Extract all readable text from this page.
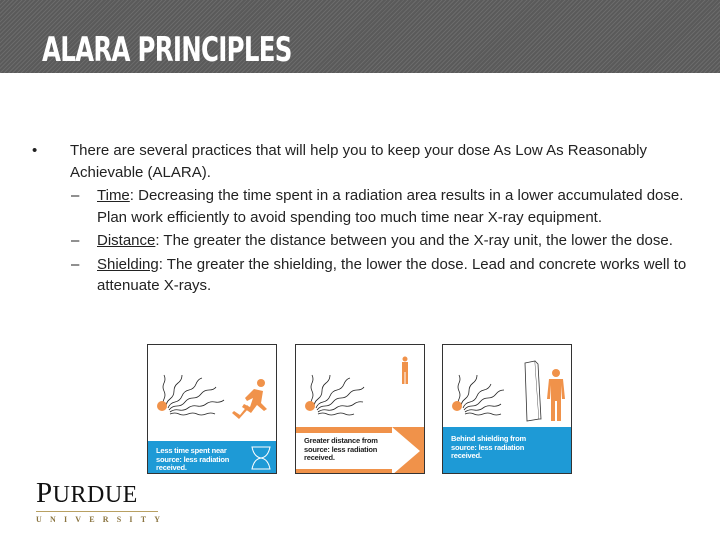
ALARA PRINCIPLES
• There are several practices that will help you to keep your dose As Low As Reasonably Achievable (ALARA).
– Time: Decreasing the time spent in a radiation area results in a lower accumulated dose. Plan work efficiently to avoid spending too much time near X-ray equipment.
– Distance: The greater the distance between you and the X-ray unit, the lower the dose.
– Shielding: The greater the shielding, the lower the dose. Lead and concrete works well to attenuate X-rays.
Less time spent near source: less radiation received.
Greater distance from source: less radiation received.
Behind shielding from source: less radiation received.
PURDUE
UNIVERSITY
